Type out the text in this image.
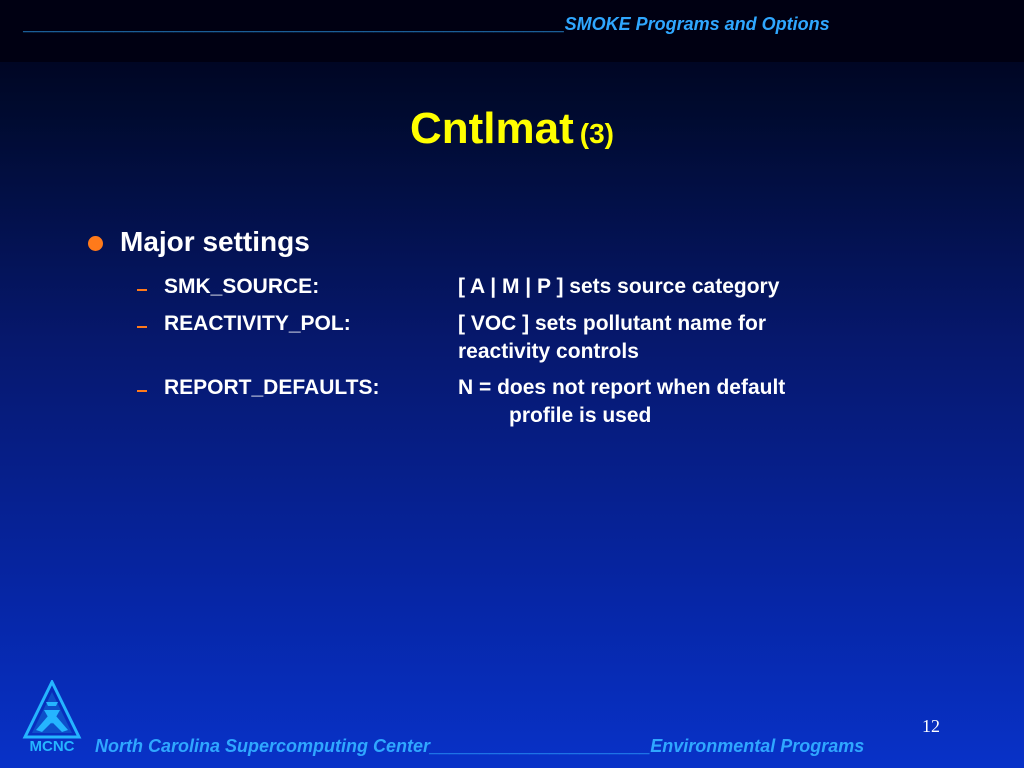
______________________________________________________SMOKE Programs and Options
Cntlmat (3)
Major settings
SMK_SOURCE:	[ A | M | P ] sets source category
REACTIVITY_POL:	[ VOC ] sets pollutant name for
reactivity controls
REPORT_DEFAULTS:	N = does not report when default
profile is used
MCNC
12
North Carolina Supercomputing Center______________________Environmental Programs
